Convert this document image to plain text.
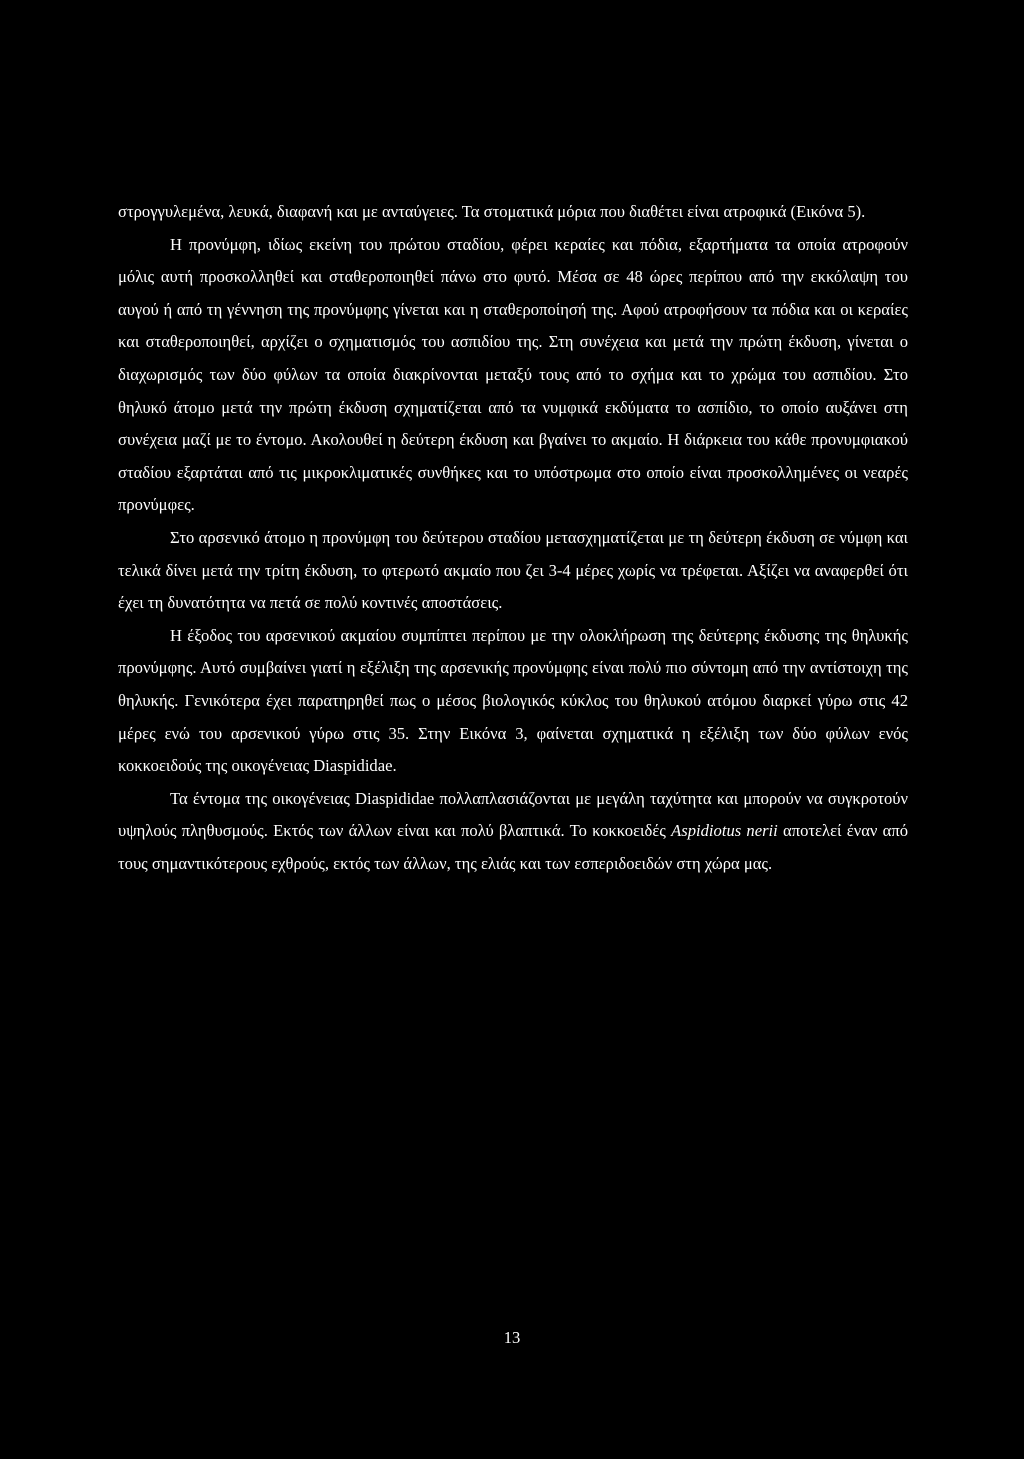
στρογγυλεμένα, λευκά, διαφανή και με ανταύγειες. Τα στοματικά μόρια που διαθέτει είναι ατροφικά (Εικόνα 5).

Η προνύμφη, ιδίως εκείνη του πρώτου σταδίου, φέρει κεραίες και πόδια, εξαρτήματα τα οποία ατροφούν μόλις αυτή προσκολληθεί και σταθεροποιηθεί πάνω στο φυτό. Μέσα σε 48 ώρες περίπου από την εκκόλαψη του αυγού ή από τη γέννηση της προνύμφης γίνεται και η σταθεροποίησή της. Αφού ατροφήσουν τα πόδια και οι κεραίες και σταθεροποιηθεί, αρχίζει ο σχηματισμός του ασπιδίου της. Στη συνέχεια και μετά την πρώτη έκδυση, γίνεται ο διαχωρισμός των δύο φύλων τα οποία διακρίνονται μεταξύ τους από το σχήμα και το χρώμα του ασπιδίου. Στο θηλυκό άτομο μετά την πρώτη έκδυση σχηματίζεται από τα νυμφικά εκδύματα το ασπίδιο, το οποίο αυξάνει στη συνέχεια μαζί με το έντομο. Ακολουθεί η δεύτερη έκδυση και βγαίνει το ακμαίο. Η διάρκεια του κάθε προνυμφιακού σταδίου εξαρτάται από τις μικροκλιματικές συνθήκες και το υπόστρωμα στο οποίο είναι προσκολλημένες οι νεαρές προνύμφες.

Στο αρσενικό άτομο η προνύμφη του δεύτερου σταδίου μετασχηματίζεται με τη δεύτερη έκδυση σε νύμφη και τελικά δίνει μετά την τρίτη έκδυση, το φτερωτό ακμαίο που ζει 3-4 μέρες χωρίς να τρέφεται. Αξίζει να αναφερθεί ότι έχει τη δυνατότητα να πετά σε πολύ κοντινές αποστάσεις.

Η έξοδος του αρσενικού ακμαίου συμπίπτει περίπου με την ολοκλήρωση της δεύτερης έκδυσης της θηλυκής προνύμφης. Αυτό συμβαίνει γιατί η εξέλιξη της αρσενικής προνύμφης είναι πολύ πιο σύντομη από την αντίστοιχη της θηλυκής. Γενικότερα έχει παρατηρηθεί πως ο μέσος βιολογικός κύκλος του θηλυκού ατόμου διαρκεί γύρω στις 42 μέρες ενώ του αρσενικού γύρω στις 35. Στην Εικόνα 3, φαίνεται σχηματικά η εξέλιξη των δύο φύλων ενός κοκκοειδούς της οικογένειας Diaspididae.

Τα έντομα της οικογένειας Diaspididae πολλαπλασιάζονται με μεγάλη ταχύτητα και μπορούν να συγκροτούν υψηλούς πληθυσμούς. Εκτός των άλλων είναι και πολύ βλαπτικά. Το κοκκοειδές Aspidiotus nerii αποτελεί έναν από τους σημαντικότερους εχθρούς, εκτός των άλλων, της ελιάς και των εσπεριδοειδών στη χώρα μας.

13
